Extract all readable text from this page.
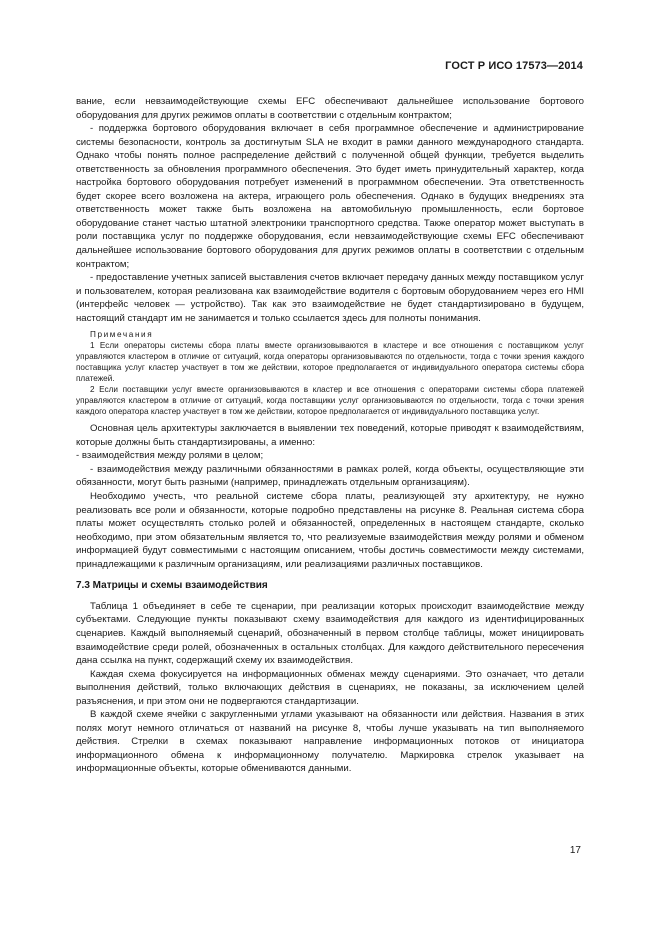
ГОСТ Р ИСО 17573—2014

вание, если невзаимодействующие схемы EFC обеспечивают дальнейшее использование бортового оборудования для других режимов оплаты в соответствии с отдельным контрактом;

- поддержка бортового оборудования включает в себя программное обеспечение и администрирование системы безопасности, контроль за достигнутым SLA не входит в рамки данного международного стандарта. Однако чтобы понять полное распределение действий с полученной общей функции, требуется выделить ответственность за обновления программного обеспечения. Это будет иметь принудительный характер, когда настройка бортового оборудования потребует изменений в программном обеспечении. Эта ответственность будет скорее всего возложена на актера, играющего роль обеспечения. Однако в будущих внедрениях эта ответственность может также быть возложена на автомобильную промышленность, если бортовое оборудование станет частью штатной электроники транспортного средства. Также оператор может выступать в роли поставщика услуг по поддержке оборудования, если невзаимодействующие схемы EFC обеспечивают дальнейшее использование бортового оборудования для других режимов оплаты в соответствии с отдельным контрактом;

- предоставление учетных записей выставления счетов включает передачу данных между поставщиком услуг и пользователем, которая реализована как взаимодействие водителя с бортовым оборудованием через его HMI (интерфейс человек — устройство). Так как это взаимодействие не будет стандартизировано в будущем, настоящий стандарт им не занимается и только ссылается здесь для полноты понимания.

Примечания

1 Если операторы системы сбора платы вместе организовываются в кластере и все отношения с поставщиком услуг управляются кластером в отличие от ситуаций, когда операторы организовываются по отдельности, тогда с точки зрения каждого поставщика услуг кластер участвует в том же действии, которое предполагается от индивидуального оператора системы сбора платежей.

2 Если поставщики услуг вместе организовываются в кластер и все отношения с операторами системы сбора платежей управляются кластером в отличие от ситуаций, когда поставщики услуг организовываются по отдельности, тогда с точки зрения каждого оператора кластер участвует в том же действии, которое предполагается от индивидуального поставщика услуг.

Основная цель архитектуры заключается в выявлении тех поведений, которые приводят к взаимодействиям, которые должны быть стандартизированы, а именно:

- взаимодействия между ролями в целом;

- взаимодействия между различными обязанностями в рамках ролей, когда объекты, осуществляющие эти обязанности, могут быть разными (например, принадлежать отдельным организациям).

Необходимо учесть, что реальной системе сбора платы, реализующей эту архитектуру, не нужно реализовать все роли и обязанности, которые подробно представлены на рисунке 8. Реальная система сбора платы может осуществлять столько ролей и обязанностей, определенных в настоящем стандарте, сколько необходимо, при этом обязательным является то, что реализуемые взаимодействия между ролями и обменом информацией будут совместимыми с настоящим описанием, чтобы достичь совместимости между системами, принадлежащими к различным организациям, или реализациями различных поставщиков.

7.3 Матрицы и схемы взаимодействия

Таблица 1 объединяет в себе те сценарии, при реализации которых происходит взаимодействие между субъектами. Следующие пункты показывают схему взаимодействия для каждого из идентифицированных сценариев. Каждый выполняемый сценарий, обозначенный в первом столбце таблицы, может инициировать взаимодействие среди ролей, обозначенных в остальных столбцах. Для каждого действительного пересечения дана ссылка на пункт, содержащий схему их взаимодействия.

Каждая схема фокусируется на информационных обменах между сценариями. Это означает, что детали выполнения действий, только включающих действия в сценариях, не показаны, за исключением целей разъяснения, и при этом они не подвергаются стандартизации.

В каждой схеме ячейки с закругленными углами указывают на обязанности или действия. Названия в этих полях могут немного отличаться от названий на рисунке 8, чтобы лучше указывать на тип выполняемого действия. Стрелки в схемах показывают направление информационных потоков от инициатора информационного обмена к информационному получателю. Маркировка стрелок указывает на информационные объекты, которые обмениваются данными.

17
